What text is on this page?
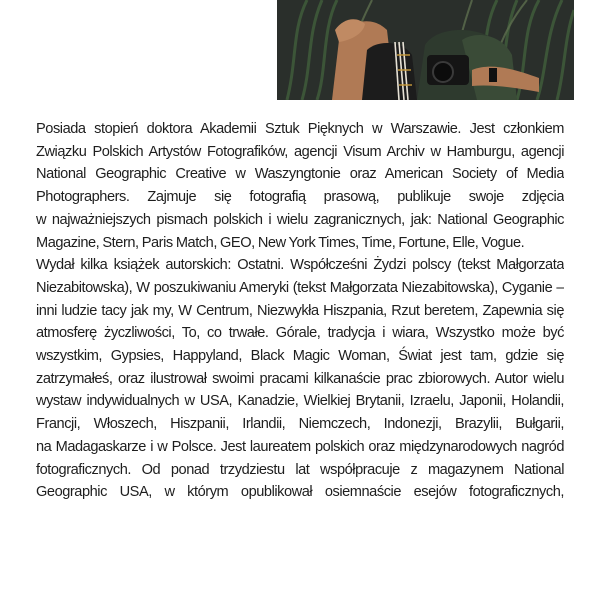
Posiada stopień doktora Akademii Sztuk Pięknych w Warszawie. Jest członkiem
Związku Polskich Artystów Fotografików, agencji Visum Archiv w Hamburgu, agencji
National Geographic Creative w Waszyngtonie oraz American Society of Media
Photographers. Zajmuje się fotografią prasową, publikuje swoje zdjęcia
w najważniejszych pismach polskich i wielu zagranicznych, jak: National Geographic
Magazine, Stern, Paris Match, GEO, New York Times, Time, Fortune, Elle, Vogue.
Wydał kilka książek autorskich: Ostatni. Współcześni Żydzi polscy (tekst Małgorzata
Niezabitowska), W poszukiwaniu Ameryki (tekst Małgorzata Niezabitowska), Cyganie –
inni ludzie tacy jak my, W Centrum, Niezwykła Hiszpania, Rzut beretem, Zapewnia się
atmosferę życzliwości, To, co trwałe. Górale, tradycja i wiara, Wszystko może być
wszystkim, Gypsies, Happyland, Black Magic Woman, Świat jest tam, gdzie się
zatrzymałeś, oraz ilustrował swoimi pracami kilkanaście prac zbiorowych. Autor wielu
wystaw indywidualnych w USA, Kanadzie, Wielkiej Brytanii, Izraelu, Japonii, Holandii,
Francji, Włoszech, Hiszpanii, Irlandii, Niemczech, Indonezji, Brazylii, Bułgarii,
na Madagaskarze i w Polsce. Jest laureatem polskich oraz międzynarodowych nagród
fotograficznych. Od ponad trzydziestu lat współpracuje z magazynem National
Geographic USA, w którym opublikował osiemnaście esejów fotograficznych,
